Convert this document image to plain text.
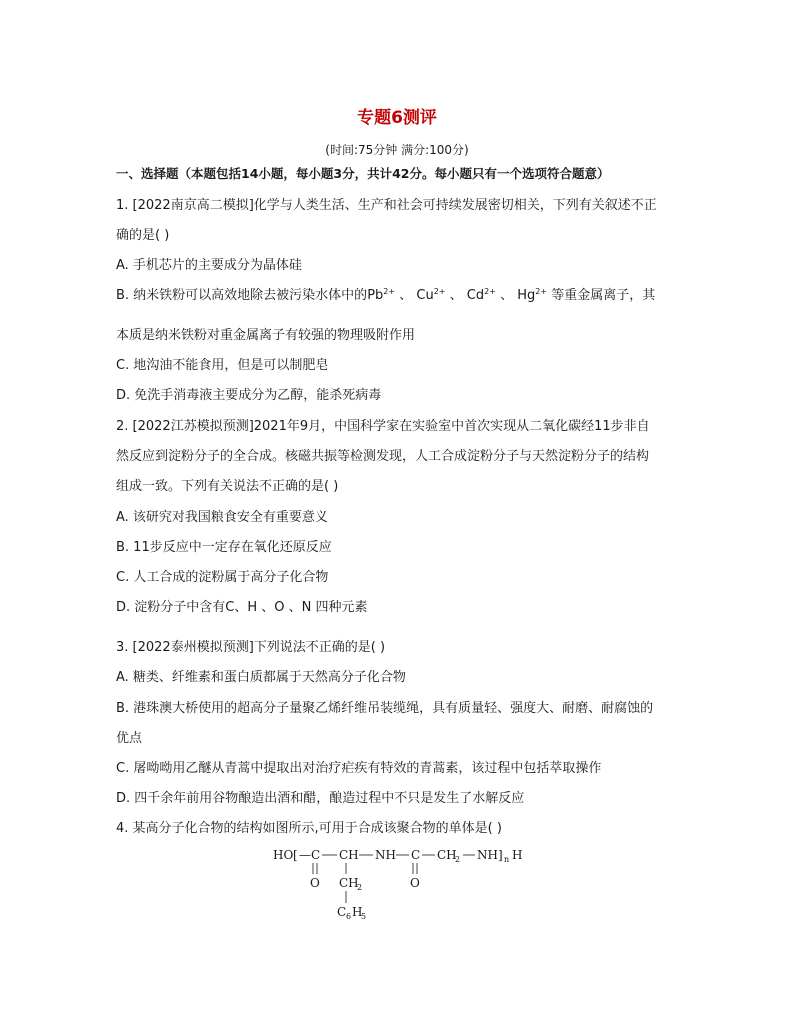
专题6测评
(时间:75分钟 满分:100分)
一、选择题（本题包括14小题，每小题3分，共计42分。每小题只有一个选项符合题意）
1. [2022南京高二模拟]化学与人类生活、生产和社会可持续发展密切相关，下列有关叙述不正
确的是( )
A. 手机芯片的主要成分为晶体硅
B. 纳米铁粉可以高效地除去被污染水体中的$Pb^{2+}$ 、 $Cu^{2+}$ 、 $Cd^{2+}$ 、 $Hg^{2+}$ 等重金属离子，其
本质是纳米铁粉对重金属离子有较强的物理吸附作用
C. 地沟油不能食用，但是可以制肥皂
D. 免洗手消毒液主要成分为乙醇，能杀死病毒
2. [2022江苏模拟预测]2021年9月，中国科学家在实验室中首次实现从二氧化碳经11步非自
然反应到淀粉分子的全合成。核磁共振等检测发现，人工合成淀粉分子与天然淀粉分子的结构
组成一致。下列有关说法不正确的是( )
A. 该研究对我国粮食安全有重要意义
B. 11步反应中一定存在氧化还原反应
C. 人工合成的淀粉属于高分子化合物
D. 淀粉分子中含有C、H 、O 、N 四种元素
3. [2022泰州模拟预测]下列说法不正确的是( )
A. 糖类、纤维素和蛋白质都属于天然高分子化合物
B. 港珠澳大桥使用的超高分子量聚乙烯纤维吊装缆绳，具有质量轻、强度大、耐磨、耐腐蚀的
优点
C. 屠呦呦用乙醚从青蒿中提取出对治疗疟疾有特效的青蒿素，该过程中包括萃取操作
D. 四千余年前用谷物酿造出酒和醋，酿造过程中不只是发生了水解反应
4. 某高分子化合物的结构如图所示,可用于合成该聚合物的单体是( )
HO [ — C CH NH C CH
2 NH ] n H
O	O
CH
2
C 6 H
5
